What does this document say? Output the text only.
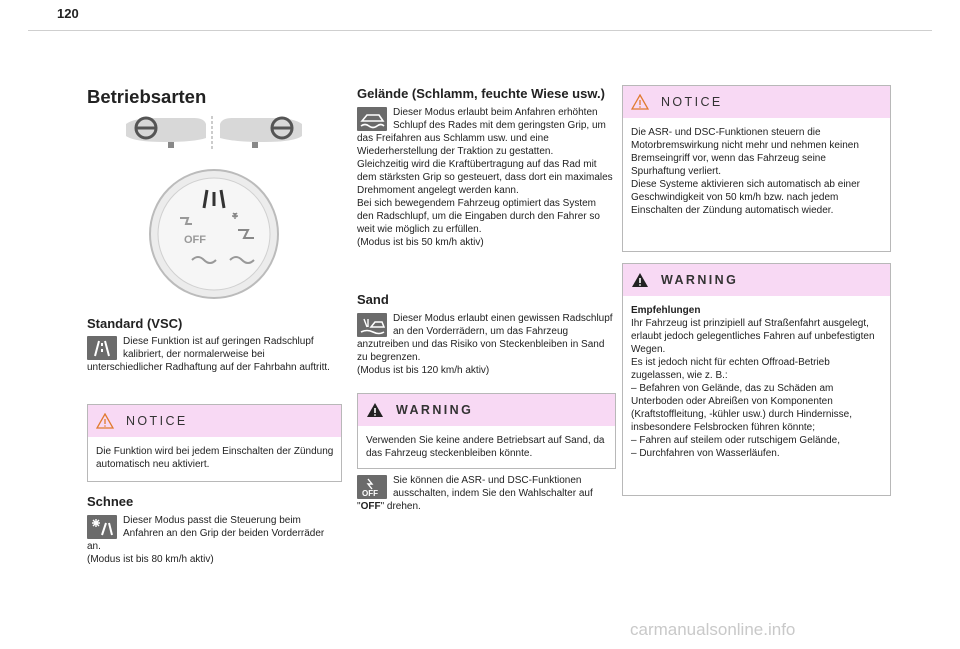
120
Betriebsarten
OFF
Standard (VSC)

Diese Funktion ist auf geringen Radschlupf kalibriert, der normalerweise bei unterschiedlicher Radhaftung auf der Fahrbahn auftritt.

NOTICE

Die Funktion wird bei jedem Einschalten der Zündung automatisch neu aktiviert.

Schnee

Dieser Modus passt die Steuerung beim Anfahren an den Grip der beiden Vorderräder an.

(Modus ist bis 80 km/h aktiv)

Gelände (Schlamm, feuchte Wiese usw.)

Dieser Modus erlaubt beim Anfahren erhöhten Schlupf des Rades mit dem geringsten Grip, um das Freifahren aus Schlamm usw. und eine Wiederherstellung der Traktion zu gestatten.

Gleichzeitig wird die Kraftübertragung auf das Rad mit dem stärksten Grip so gesteuert, dass dort ein maximales Drehmoment angelegt werden kann.

Bei sich bewegendem Fahrzeug optimiert das System den Radschlupf, um die Eingaben durch den Fahrer so weit wie möglich zu erfüllen.

(Modus ist bis 50 km/h aktiv)

Sand

Dieser Modus erlaubt einen gewissen Radschlupf an den Vorderrädern, um das Fahrzeug anzutreiben und das Risiko von Steckenbleiben in Sand zu begrenzen.

(Modus ist bis 120 km/h aktiv)

WARNING

Verwenden Sie keine andere Betriebsart auf Sand, da das Fahrzeug steckenbleiben könnte.

OFF

Sie können die ASR- und DSC-Funktionen ausschalten, indem Sie den Wahlschalter auf "OFF" drehen.

NOTICE

Die ASR- und DSC-Funktionen steuern die Motorbremswirkung nicht mehr und nehmen keinen Bremseingriff vor, wenn das Fahrzeug seine Spurhaftung verliert.

Diese Systeme aktivieren sich automatisch ab einer Geschwindigkeit von 50 km/h bzw. nach jedem Einschalten der Zündung automatisch wieder.

WARNING

Empfehlungen

Ihr Fahrzeug ist prinzipiell auf Straßenfahrt ausgelegt, erlaubt jedoch gelegentliches Fahren auf unbefestigten Wegen.

Es ist jedoch nicht für echten Offroad-Betrieb zugelassen, wie z. B.:

– Befahren von Gelände, das zu Schäden am Unterboden oder Abreißen von Komponenten (Kraftstoffleitung, -kühler usw.) durch Hindernisse, insbesondere Felsbrocken führen könnte;

– Fahren auf steilem oder rutschigem Gelände,

– Durchfahren von Wasserläufen.

carmanualsonline.info
